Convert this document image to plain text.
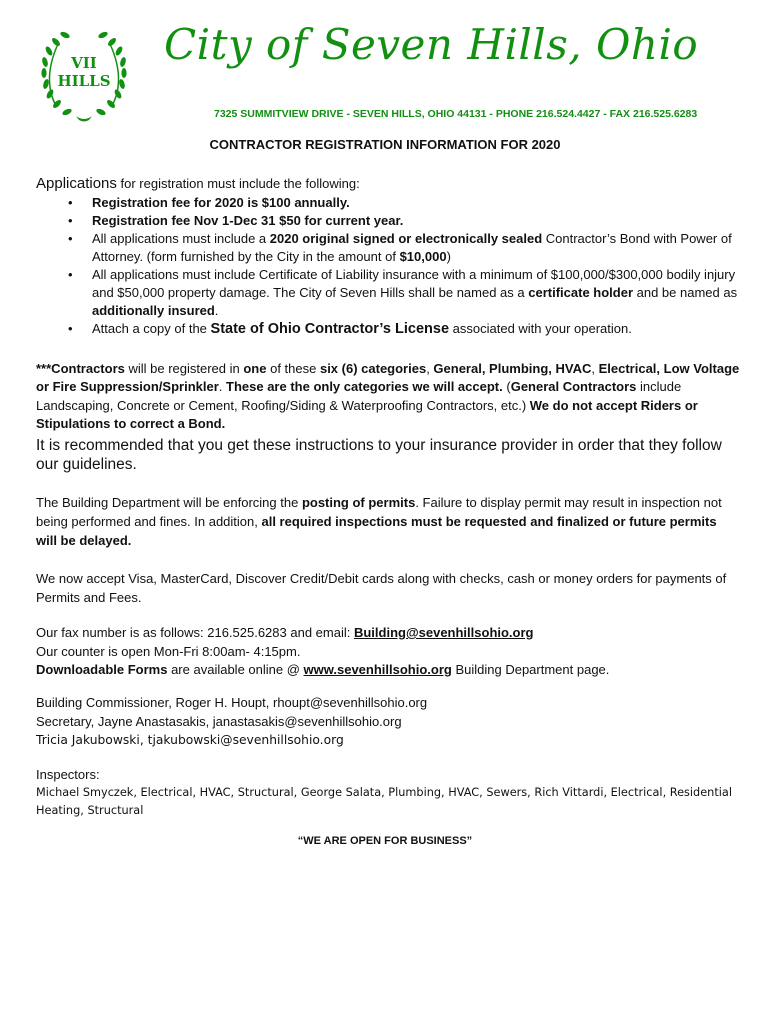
VII
HILLS
City of Seven Hills, Ohio
7325 SUMMITVIEW DRIVE - SEVEN HILLS, OHIO 44131 - PHONE 216.524.4427 - FAX 216.525.6283
CONTRACTOR REGISTRATION INFORMATION FOR 2020
Applications for registration must include the following:
• Registration fee for 2020 is $100 annually.
• Registration fee Nov 1-Dec 31 $50 for current year.
• All applications must include a 2020 original signed or electronically sealed Contractor’s Bond with Power of Attorney. (form furnished by the City in the amount of $10,000)
• All applications must include Certificate of Liability insurance with a minimum of $100,000/$300,000 bodily injury and $50,000 property damage. The City of Seven Hills shall be named as a certificate holder and be named as additionally insured.
• Attach a copy of the State of Ohio Contractor’s License associated with your operation.
***Contractors will be registered in one of these six (6) categories, General, Plumbing, HVAC, Electrical, Low Voltage or Fire Suppression/Sprinkler. These are the only categories we will accept. (General Contractors include Landscaping, Concrete or Cement, Roofing/Siding & Waterproofing Contractors, etc.) We do not accept Riders or Stipulations to correct a Bond.
It is recommended that you get these instructions to your insurance provider in order that they follow our guidelines.
The Building Department will be enforcing the posting of permits. Failure to display permit may result in inspection not being performed and fines. In addition, all required inspections must be requested and finalized or future permits will be delayed.
We now accept Visa, MasterCard, Discover Credit/Debit cards along with checks, cash or money orders for payments of Permits and Fees.
Our fax number is as follows: 216.525.6283 and email: Building@sevenhillsohio.org
Our counter is open Mon-Fri 8:00am- 4:15pm.
Downloadable Forms are available online @ www.sevenhillsohio.org Building Department page.
Building Commissioner, Roger H. Houpt, rhoupt@sevenhillsohio.org
Secretary, Jayne Anastasakis, janastasakis@sevenhillsohio.org
Tricia Jakubowski, tjakubowski@sevenhillsohio.org
Inspectors:
Michael Smyczek, Electrical, HVAC, Structural, George Salata, Plumbing, HVAC, Sewers, Rich Vittardi, Electrical, Residential Heating, Structural
“WE ARE OPEN FOR BUSINESS”
